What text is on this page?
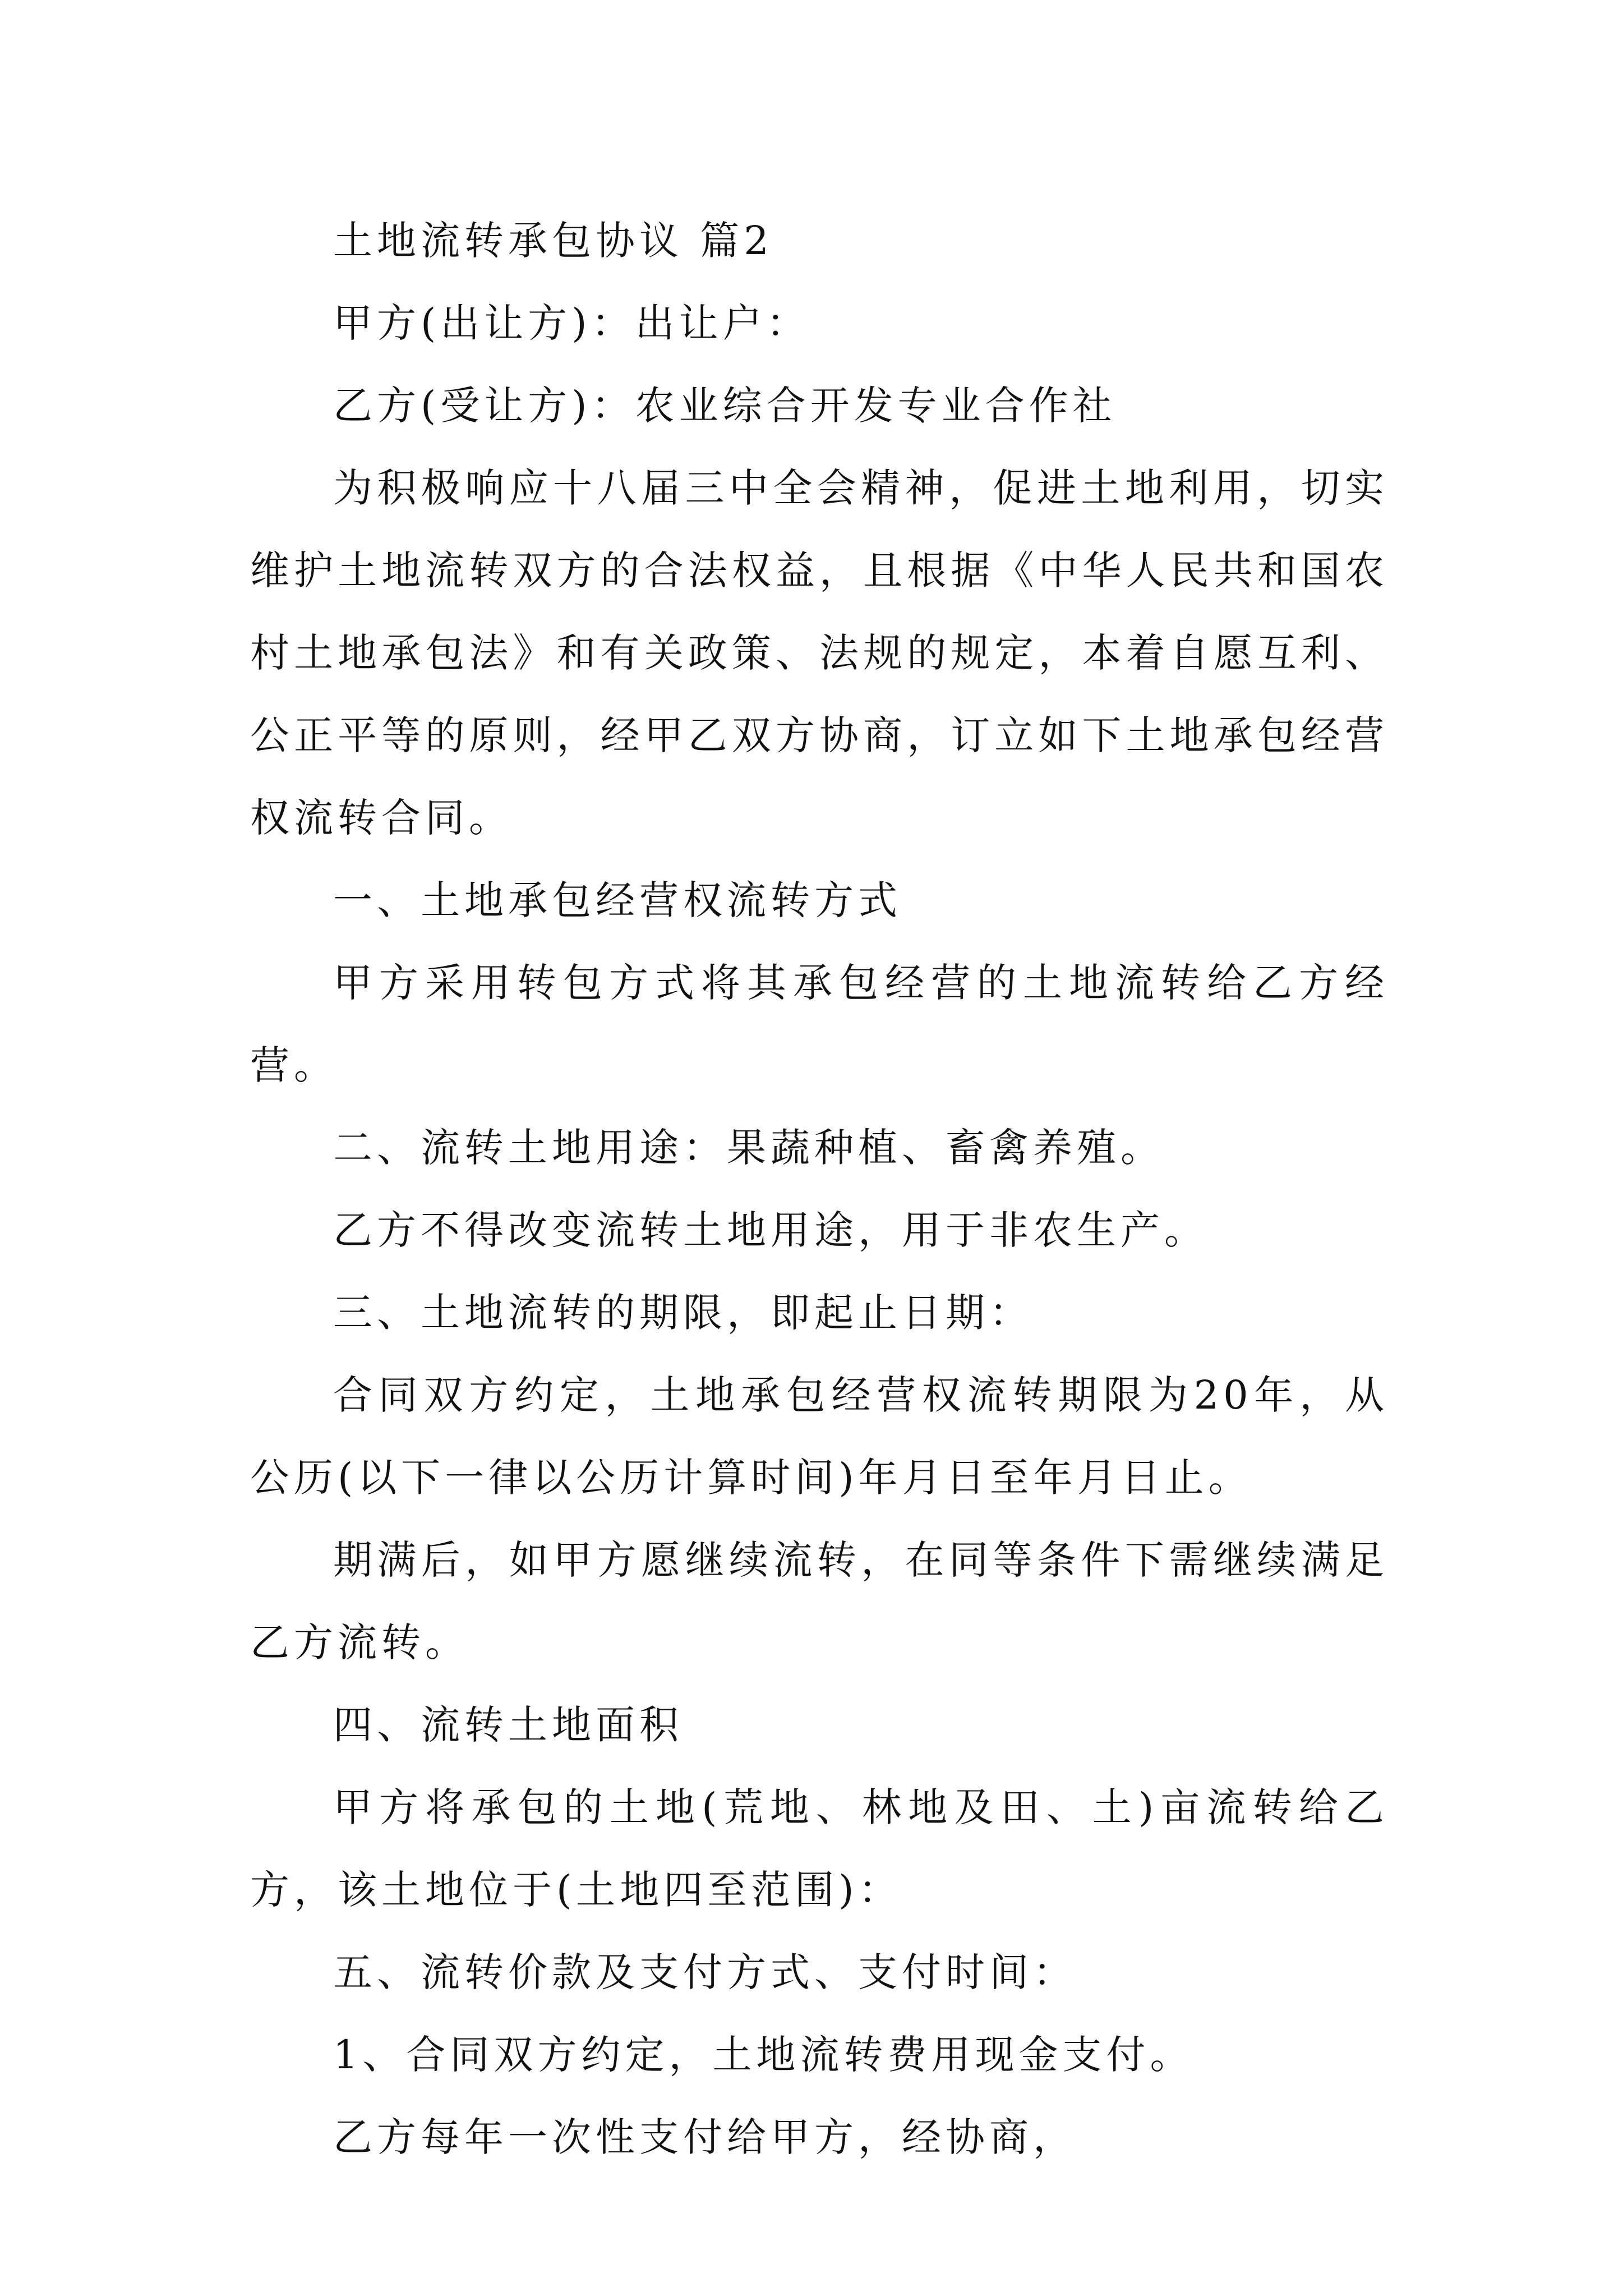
土地流转承包协议 篇2

甲方(出让方)：出让户：

乙方(受让方)：农业综合开发专业合作社

为积极响应十八届三中全会精神，促进土地利用，切实维护土地流转双方的合法权益，且根据《中华人民共和国农村土地承包法》和有关政策、法规的规定，本着自愿互利、公正平等的原则，经甲乙双方协商，订立如下土地承包经营权流转合同。

一、土地承包经营权流转方式

甲方采用转包方式将其承包经营的土地流转给乙方经营。

二、流转土地用途：果蔬种植、畜禽养殖。

乙方不得改变流转土地用途，用于非农生产。

三、土地流转的期限，即起止日期：

合同双方约定，土地承包经营权流转期限为20年，从公历(以下一律以公历计算时间)年月日至年月日止。

期满后，如甲方愿继续流转，在同等条件下需继续满足乙方流转。

四、流转土地面积

甲方将承包的土地(荒地、林地及田、土)亩流转给乙方，该土地位于(土地四至范围)：

五、流转价款及支付方式、支付时间：

1、合同双方约定，土地流转费用现金支付。

乙方每年一次性支付给甲方，经协商，
